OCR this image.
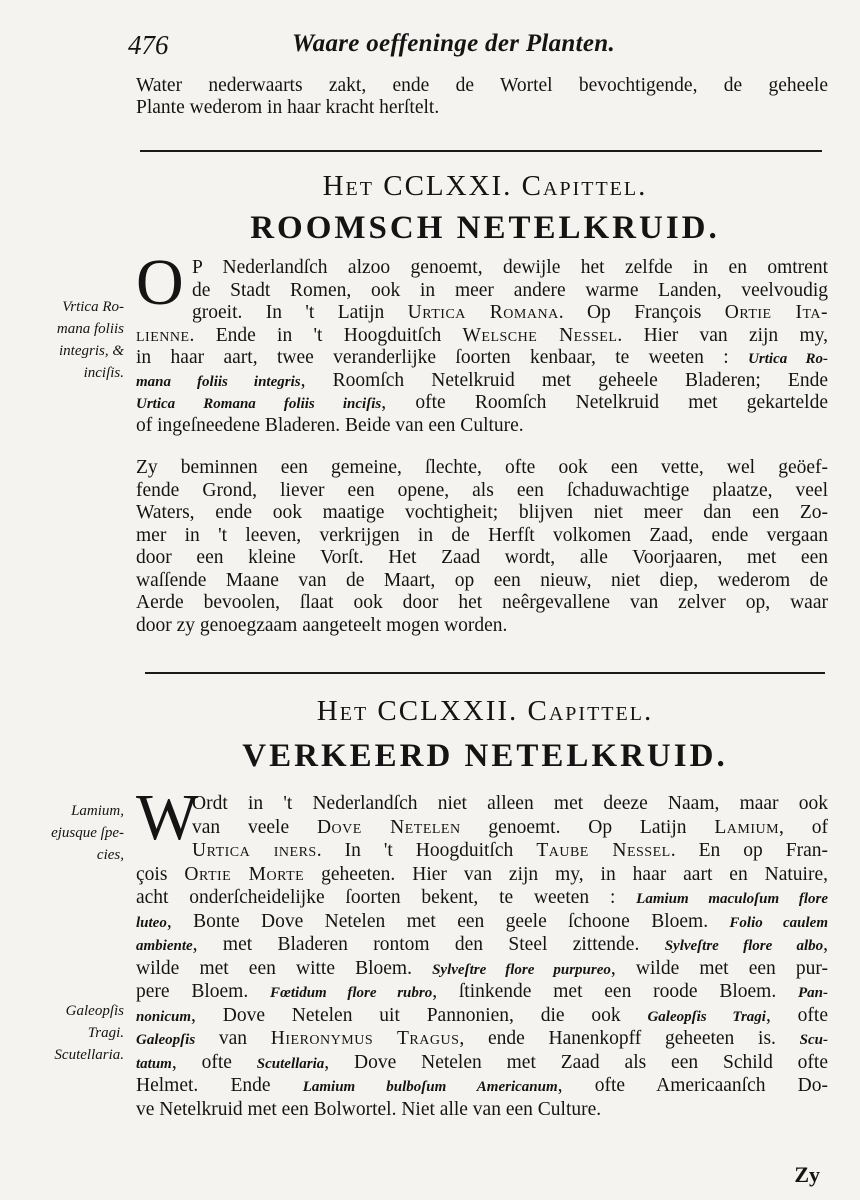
476	Waare oeffeninge der Planten.
Water nederwaarts zakt, ende de Wortel bevochtigende, de geheele
Plante wederom in haar kracht herſtelt.
Het CCLXXI. Capittel.
ROOMSCH NETELKRUID.
O
Vrtica Ro-
mana foliis
integris, &
inciſis.
P Nederlandſch alzoo genoemt, dewijle het zelfde in en omtrent
de Stadt Romen, ook in meer andere warme Landen, veelvoudig
groeit. In 't Latijn Urtica Romana. Op François Ortie Ita-
lienne. Ende in 't Hoogduitſch Welsche Nessel. Hier van zijn my,
in haar aart, twee veranderlijke ſoorten kenbaar, te weeten : Urtica Ro-
mana foliis integris, Roomſch Netelkruid met geheele Bladeren; Ende
Urtica Romana foliis inciſis, ofte Roomſch Netelkruid met gekartelde
of ingeſneedene Bladeren. Beide van een Culture.
Zy beminnen een gemeine, ſlechte, ofte ook een vette, wel geöef-
fende Grond, liever een opene, als een ſchaduwachtige plaatze, veel
Waters, ende ook maatige vochtigheit; blijven niet meer dan een Zo-
mer in 't leeven, verkrijgen in de Herfſt volkomen Zaad, ende vergaan
door een kleine Vorſt. Het Zaad wordt, alle Voorjaaren, met een
waſſende Maane van de Maart, op een nieuw, niet diep, wederom de
Aerde bevoolen, ſlaat ook door het neêrgevallene van zelver op, waar
door zy genoegzaam aangeteelt mogen worden.
Het CCLXXII. Capittel.
VERKEERD NETELKRUID.
W
Lamium,
ejusque ſpe-
cies,
Galeopſis
Tragi.
Scutellaria.
Ordt in 't Nederlandſch niet alleen met deeze Naam, maar ook
van veele Dove Netelen genoemt. Op Latijn Lamium, of
Urtica iners. In 't Hoogduitſch Taube Nessel. En op Fran-
çois Ortie Morte geheeten. Hier van zijn my, in haar aart en Natuire,
acht onderſcheidelijke ſoorten bekent, te weeten : Lamium maculoſum flore
luteo, Bonte Dove Netelen met een geele ſchoone Bloem. Folio caulem
ambiente, met Bladeren rontom den Steel zittende. Sylveſtre flore albo,
wilde met een witte Bloem. Sylveſtre flore purpureo, wilde met een pur-
pere Bloem. Fœtidum flore rubro, ſtinkende met een roode Bloem. Pan-
nonicum, Dove Netelen uit Pannonien, die ook Galeopſis Tragi, ofte
Galeopſis van Hieronymus Tragus, ende Hanenkopff geheeten is. Scu-
tatum, ofte Scutellaria, Dove Netelen met Zaad als een Schild ofte
Helmet. Ende Lamium bulboſum Americanum, ofte Americaanſch Do-
ve Netelkruid met een Bolwortel. Niet alle van een Culture.
Zy
